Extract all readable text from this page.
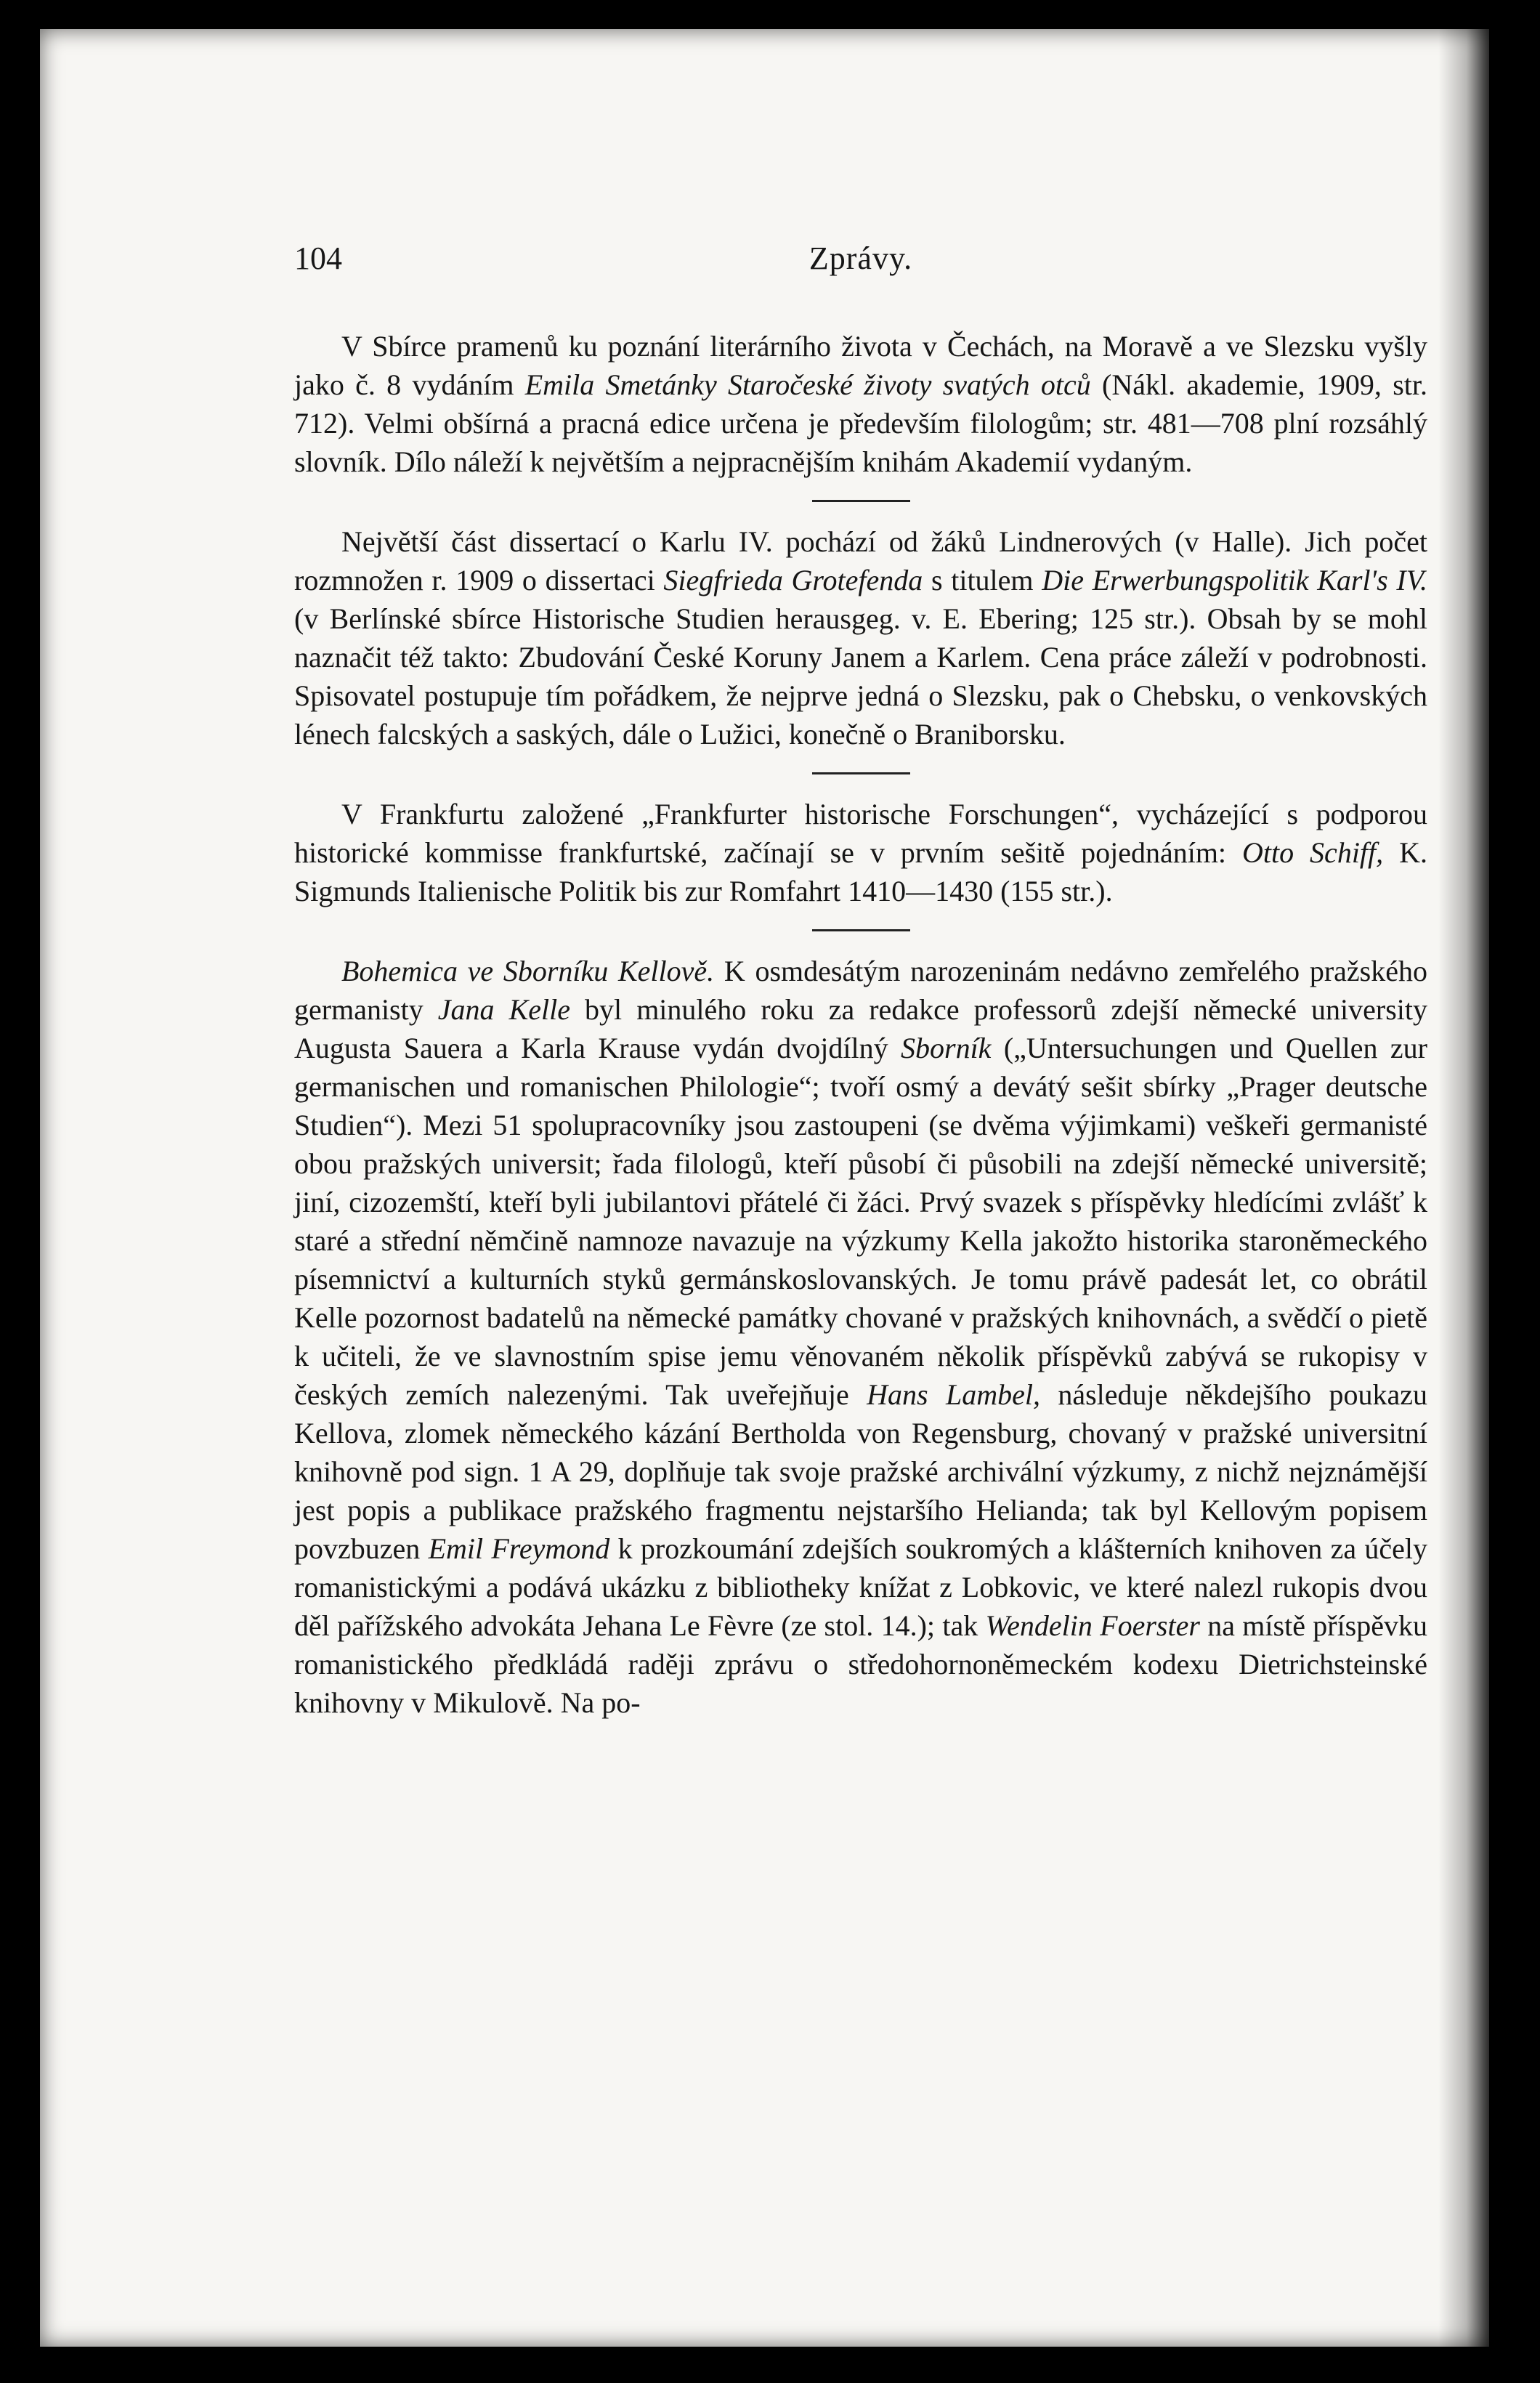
104	Zprávy.

V Sbírce pramenů ku poznání literárního života v Čechách, na Moravě a ve Slezsku vyšly jako č. 8 vydáním Emila Smetánky Staročeské životy svatých otců (Nákl. akademie, 1909, str. 712). Velmi obšírná a pracná edice určena je především filologům; str. 481—708 plní rozsáhlý slovník. Dílo náleží k největším a nejpracnějším knihám Akademií vydaným.

Největší část dissertací o Karlu IV. pochází od žáků Lindnerových (v Halle). Jich počet rozmnožen r. 1909 o dissertaci Siegfrieda Grotefenda s titulem Die Erwerbungspolitik Karl's IV. (v Berlínské sbírce Historische Studien herausgeg. v. E. Ebering; 125 str.). Obsah by se mohl naznačit též takto: Zbudování České Koruny Janem a Karlem. Cena práce záleží v podrobnosti. Spisovatel postupuje tím pořádkem, že nejprve jedná o Slezsku, pak o Chebsku, o venkovských lénech falcských a saských, dále o Lužici, konečně o Braniborsku.

V Frankfurtu založené „Frankfurter historische Forschungen“, vycházející s podporou historické kommisse frankfurtské, začínají se v prvním sešitě pojednáním: Otto Schiff, K. Sigmunds Italienische Politik bis zur Romfahrt 1410—1430 (155 str.).

Bohemica ve Sborníku Kellově. K osmdesátým narozeninám nedávno zemřelého pražského germanisty Jana Kelle byl minulého roku za redakce professorů zdejší německé university Augusta Sauera a Karla Krause vydán dvojdílný Sborník („Untersuchungen und Quellen zur germanischen und romanischen Philologie“; tvoří osmý a devátý sešit sbírky „Prager deutsche Studien“). Mezi 51 spolupracovníky jsou zastoupeni (se dvěma výjimkami) veškeři germanisté obou pražských universit; řada filologů, kteří působí či působili na zdejší německé universitě; jiní, cizozemští, kteří byli jubilantovi přátelé či žáci. Prvý svazek s příspěvky hledícími zvlášť k staré a střední němčině namnoze navazuje na výzkumy Kella jakožto historika staroněmeckého písemnictví a kulturních styků germánskoslovanských. Je tomu právě padesát let, co obrátil Kelle pozornost badatelů na německé památky chované v pražských knihovnách, a svědčí o pietě k učiteli, že ve slavnostním spise jemu věnovaném několik příspěvků zabývá se rukopisy v českých zemích nalezenými. Tak uveřejňuje Hans Lambel, následuje někdejšího poukazu Kellova, zlomek německého kázání Bertholda von Regensburg, chovaný v pražské universitní knihovně pod sign. 1 A 29, doplňuje tak svoje pražské archivální výzkumy, z nichž nejznámější jest popis a publikace pražského fragmentu nejstaršího Heliandа; tak byl Kellovým popisem povzbuzen Emil Freymond k prozkoumání zdejších soukromých a klášterních knihoven za účely romanistickými a podává ukázku z bibliotheky knížat z Lobkovic, ve které nalezl rukopis dvou děl pařížského advokáta Jehana Le Fèvre (ze stol. 14.); tak Wendelin Foerster na místě příspěvku romanistického předkládá raději zprávu o středohornoněmeckém kodexu Dietrichsteinské knihovny v Mikulově. Na po-
